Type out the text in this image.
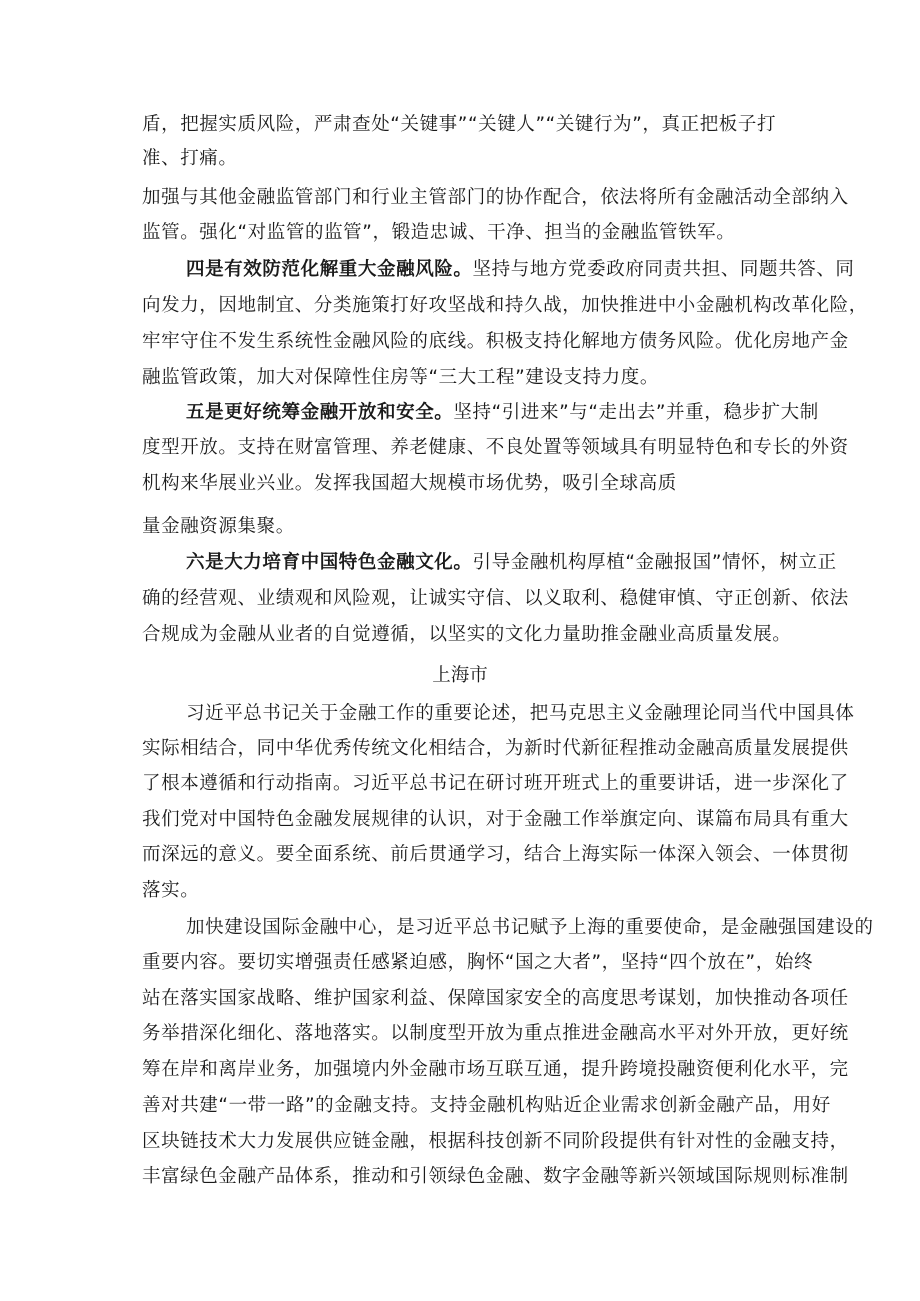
盾，把握实质风险，严肃查处“关键事”“关键人”“关键行为”，真正把板子打
准、打痛。
加强与其他金融监管部门和行业主管部门的协作配合，依法将所有金融活动全部纳入
监管。强化“对监管的监管”，锻造忠诚、干净、担当的金融监管铁军。
四是有效防范化解重大金融风险。坚持与地方党委政府同责共担、同题共答、同
向发力，因地制宜、分类施策打好攻坚战和持久战，加快推进中小金融机构改革化险，
牢牢守住不发生系统性金融风险的底线。积极支持化解地方债务风险。优化房地产金
融监管政策，加大对保障性住房等“三大工程”建设支持力度。
五是更好统筹金融开放和安全。坚持“引进来”与“走出去”并重，稳步扩大制
度型开放。支持在财富管理、养老健康、不良处置等领域具有明显特色和专长的外资
机构来华展业兴业。发挥我国超大规模市场优势，吸引全球高质
量金融资源集聚。
六是大力培育中国特色金融文化。引导金融机构厚植“金融报国”情怀，树立正
确的经营观、业绩观和风险观，让诚实守信、以义取利、稳健审慎、守正创新、依法
合规成为金融从业者的自觉遵循，以坚实的文化力量助推金融业高质量发展。
上海市
习近平总书记关于金融工作的重要论述，把马克思主义金融理论同当代中国具体
实际相结合，同中华优秀传统文化相结合，为新时代新征程推动金融高质量发展提供
了根本遵循和行动指南。习近平总书记在研讨班开班式上的重要讲话，进一步深化了
我们党对中国特色金融发展规律的认识，对于金融工作举旗定向、谋篇布局具有重大
而深远的意义。要全面系统、前后贯通学习，结合上海实际一体深入领会、一体贯彻
落实。
加快建设国际金融中心，是习近平总书记赋予上海的重要使命，是金融强国建设的
重要内容。要切实增强责任感紧迫感，胸怀“国之大者”，坚持“四个放在”，始终
站在落实国家战略、维护国家利益、保障国家安全的高度思考谋划，加快推动各项任
务举措深化细化、落地落实。以制度型开放为重点推进金融高水平对外开放，更好统
筹在岸和离岸业务，加强境内外金融市场互联互通，提升跨境投融资便利化水平，完
善对共建“一带一路”的金融支持。支持金融机构贴近企业需求创新金融产品，用好
区块链技术大力发展供应链金融，根据科技创新不同阶段提供有针对性的金融支持，
丰富绿色金融产品体系，推动和引领绿色金融、数字金融等新兴领域国际规则标准制
